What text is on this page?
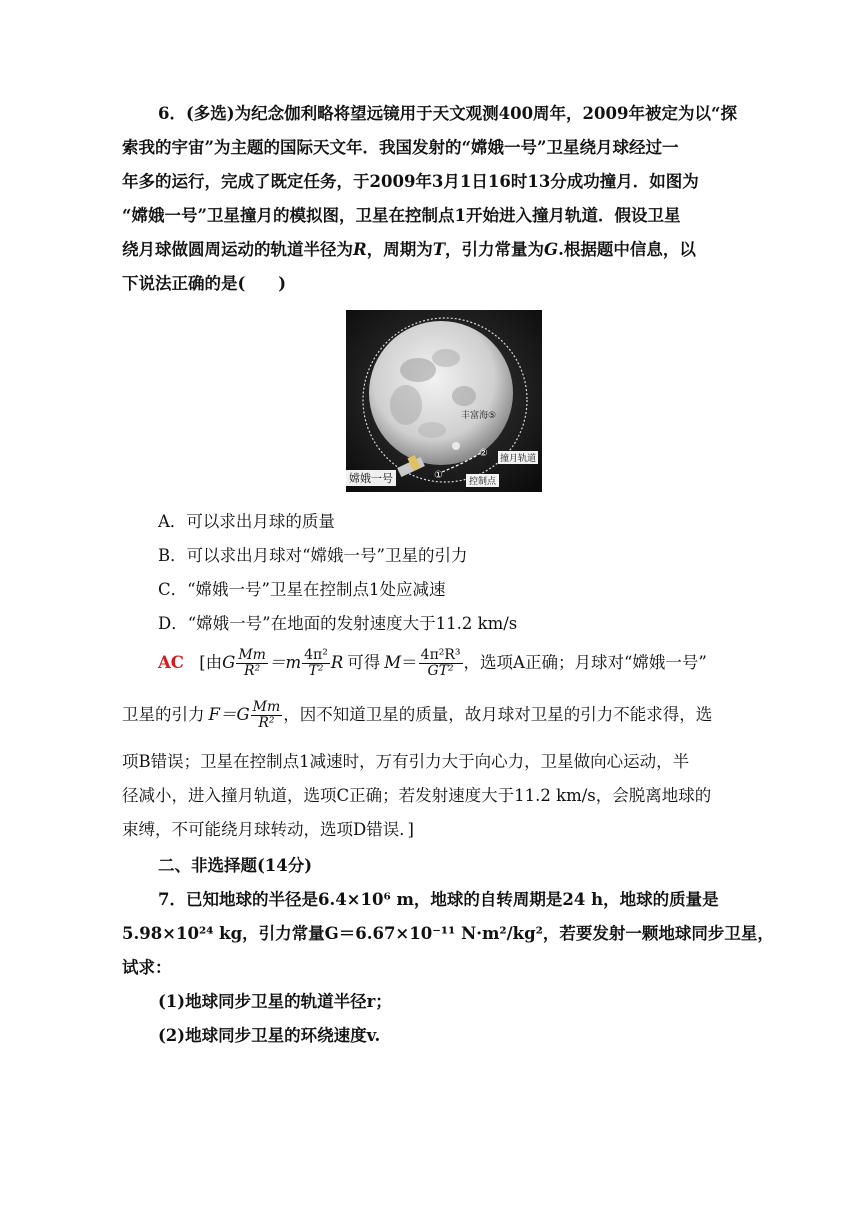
6．(多选)为纪念伽利略将望远镜用于天文观测400周年，2009年被定为以“探
索我的宇宙”为主题的国际天文年．我国发射的“嫦娥一号”卫星绕月球经过一
年多的运行，完成了既定任务，于2009年3月1日16时13分成功撞月．如图为
“嫦娥一号”卫星撞月的模拟图，卫星在控制点1开始进入撞月轨道．假设卫星
绕月球做圆周运动的轨道半径为R，周期为T，引力常量为G.根据题中信息，以
下说法正确的是(　　)
丰富海⑤
② 撞月轨道
①
控制点
嫦娥一号
A．可以求出月球的质量
B．可以求出月球对“嫦娥一号”卫星的引力
C．“嫦娥一号”卫星在控制点1处应减速
D．“嫦娥一号”在地面的发射速度大于11.2 km/s
AC [由G $\frac{Mm}{\text{R²}} =m \frac{\text{4π²}}{\text{T²}}$ R 可得 $M= \frac{\text{4π²R³}}{\text{GT²}}$ ，选项A正确；月球对“嫦娥一号”
卫星的引力 $F=G \frac{Mm}{\text{R²}}$ ，因不知道卫星的质量，故月球对卫星的引力不能求得，选
项B错误；卫星在控制点1减速时，万有引力大于向心力，卫星做向心运动，半
径减小，进入撞月轨道，选项C正确；若发射速度大于11.2 km/s，会脱离地球的
束缚，不可能绕月球转动，选项D错误．]
二、非选择题(14分)
7．已知地球的半径是6.4×10⁶ m，地球的自转周期是24 h，地球的质量是
5.98×10²⁴ kg，引力常量G＝6.67×10⁻¹¹ N·m²/kg²，若要发射一颗地球同步卫星，
试求：
(1)地球同步卫星的轨道半径r；
(2)地球同步卫星的环绕速度v.
